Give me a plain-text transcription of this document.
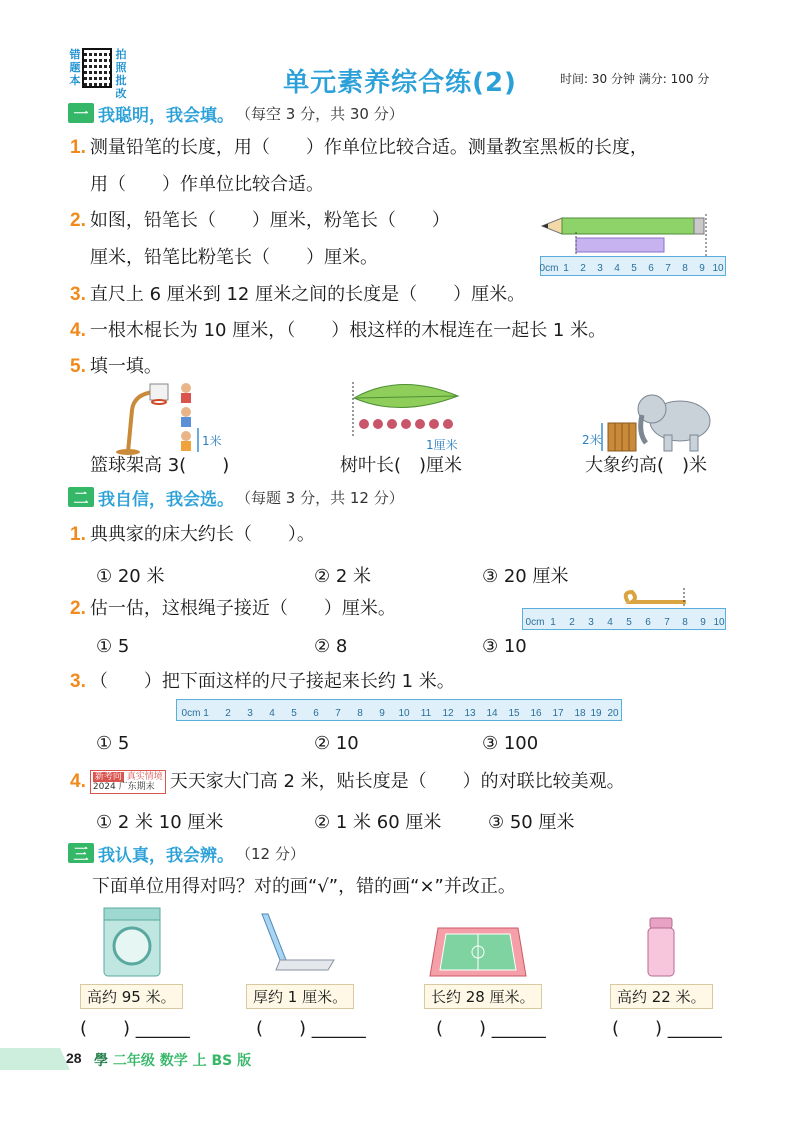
错题本
拍照批改	单元素养综合练(2)	时间: 30 分钟 满分: 100 分
一 我聪明，我会填。 （每空 3 分，共 30 分）
1. 测量铅笔的长度，用（　　）作单位比较合适。测量教室黑板的长度，
用（　　）作单位比较合适。
2. 如图，铅笔长（　　）厘米，粉笔长（　　）
厘米，铅笔比粉笔长（　　）厘米。
0cm 1 2 3 4 5 6 7 8 9 10
3. 直尺上 6 厘米到 12 厘米之间的长度是（　　）厘米。
4. 一根木棍长为 10 厘米，（　　）根这样的木棍连在一起长 1 米。
5. 填一填。
1米
篮球架高 3(　　)
1厘米
树叶长(　)厘米
2米
大象约高(　)米
二 我自信，我会选。 （每题 3 分，共 12 分）
1. 典典家的床大约长（　　）。
① 20 米	② 2 米	③ 20 厘米
2. 估一估，这根绳子接近（　　）厘米。
0cm 1 2 3 4 5 6 7 8 9 10
① 5	② 8	③ 10
3. （　　）把下面这样的尺子接起来长约 1 米。
0cm 1 2 3 4 5 6 7 8 9 10 11 12 13 14 15 16 17 18 19 20
① 5	② 10	③ 100
4.	新考向 真实情境
2024 广东期末 天天家大门高 2 米，贴长度是（　　）的对联比较美观。
① 2 米 10 厘米	② 1 米 60 厘米	③ 50 厘米
三 我认真，我会辨。 （12 分）
下面单位用得对吗？对的画“√”，错的画“×”并改正。
高约 95 米。
(　　) ______
厚约 1 厘米。
(　　) ______
长约 28 厘米。
(　　) ______
高约 22 米。
(　　) ______
28 學 二年级 数学 上 BS 版
